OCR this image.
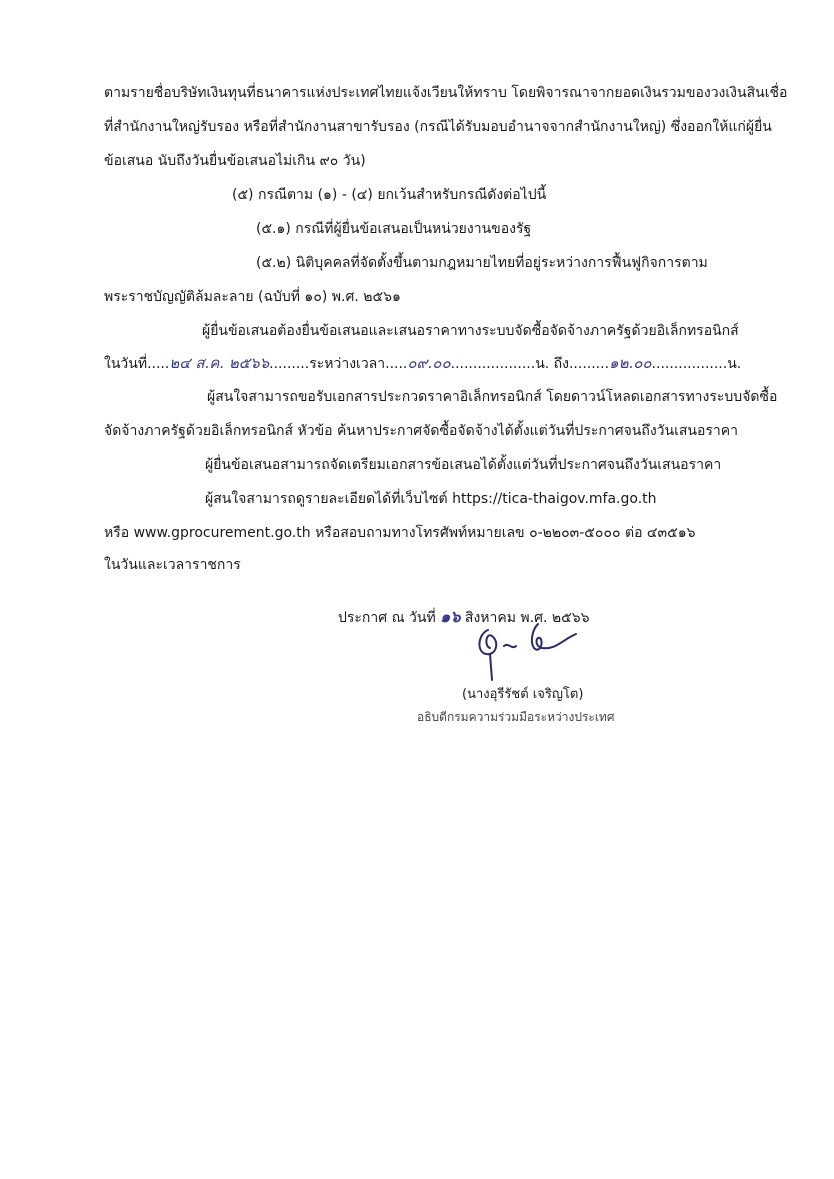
ตามรายชื่อบริษัทเงินทุนที่ธนาคารแห่งประเทศไทยแจ้งเวียนให้ทราบ โดยพิจารณาจากยอดเงินรวมของวงเงินสินเชื่อ
ที่สำนักงานใหญ่รับรอง หรือที่สำนักงานสาขารับรอง (กรณีได้รับมอบอำนาจจากสำนักงานใหญ่) ซึ่งออกให้แก่ผู้ยื่น
ข้อเสนอ นับถึงวันยื่นข้อเสนอไม่เกิน ๙๐ วัน)
(๕) กรณีตาม (๑) - (๔) ยกเว้นสำหรับกรณีดังต่อไปนี้
(๕.๑) กรณีที่ผู้ยื่นข้อเสนอเป็นหน่วยงานของรัฐ
(๕.๒) นิติบุคคลที่จัดตั้งขึ้นตามกฎหมายไทยที่อยู่ระหว่างการฟื้นฟูกิจการตาม
พระราชบัญญัติล้มละลาย (ฉบับที่ ๑๐) พ.ศ. ๒๕๖๑
ผู้ยื่นข้อเสนอต้องยื่นข้อเสนอและเสนอราคาทางระบบจัดซื้อจัดจ้างภาครัฐด้วยอิเล็กทรอนิกส์
ในวันที่.....๒๔ ส.ค. ๒๕๖๖.........ระหว่างเวลา.....๐๙.๐๐...................น. ถึง.........๑๒.๐๐.................น.
ผู้สนใจสามารถขอรับเอกสารประกวดราคาอิเล็กทรอนิกส์ โดยดาวน์โหลดเอกสารทางระบบจัดซื้อ
จัดจ้างภาครัฐด้วยอิเล็กทรอนิกส์ หัวข้อ ค้นหาประกาศจัดซื้อจัดจ้างได้ตั้งแต่วันที่ประกาศจนถึงวันเสนอราคา
ผู้ยื่นข้อเสนอสามารถจัดเตรียมเอกสารข้อเสนอได้ตั้งแต่วันที่ประกาศจนถึงวันเสนอราคา
ผู้สนใจสามารถดูรายละเอียดได้ที่เว็บไซต์ https://tica-thaigov.mfa.go.th
หรือ www.gprocurement.go.th หรือสอบถามทางโทรศัพท์หมายเลข ๐-๒๒๐๓-๕๐๐๐ ต่อ ๔๓๕๑๖
ในวันและเวลาราชการ
ประกาศ ณ วันที่ ๑๖ สิงหาคม พ.ศ. ๒๕๖๖
(นางอุรีรัชต์ เจริญโต)
อธิบดีกรมความร่วมมือระหว่างประเทศ
